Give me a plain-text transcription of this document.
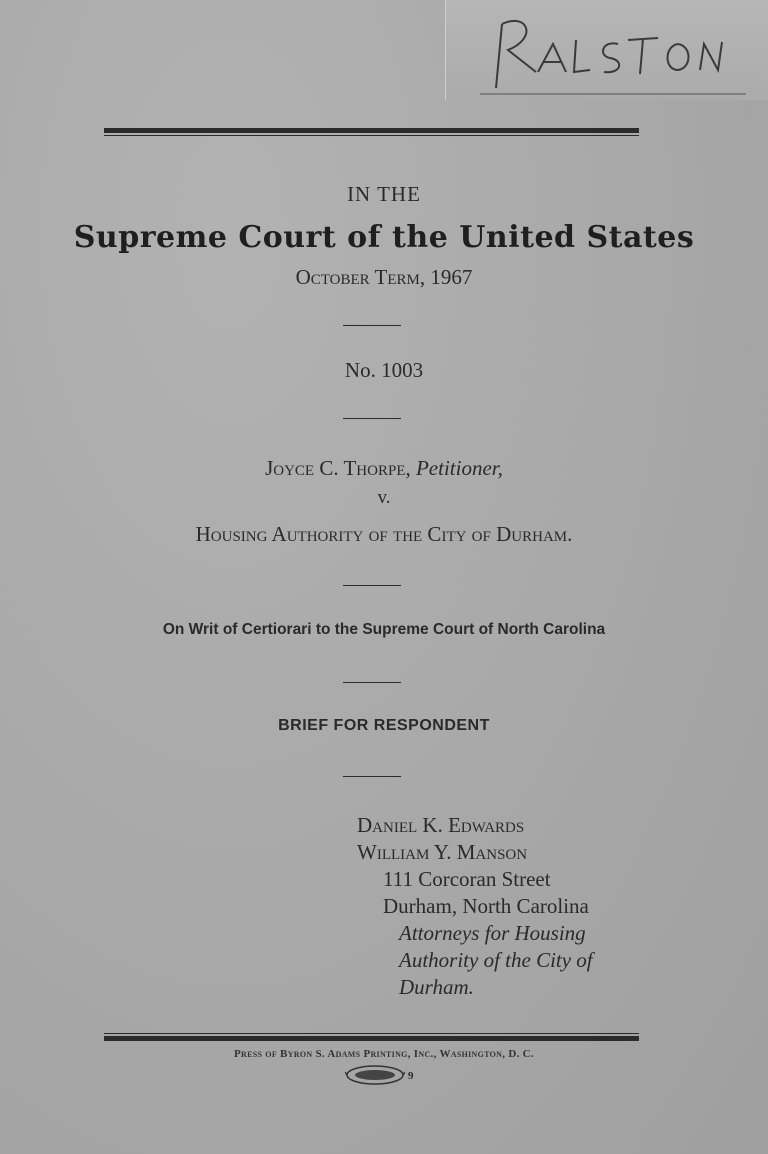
IN THE
Supreme Court of the United States
October Term, 1967
No. 1003
Joyce C. Thorpe, Petitioner,
v.
Housing Authority of the City of Durham.
On Writ of Certiorari to the Supreme Court of North Carolina
BRIEF FOR RESPONDENT
Daniel K. Edwards
William Y. Manson
111 Corcoran Street
Durham, North Carolina
Attorneys for Housing
Authority of the City of
Durham.
Press of Byron S. Adams Printing, Inc., Washington, D. C.
9
